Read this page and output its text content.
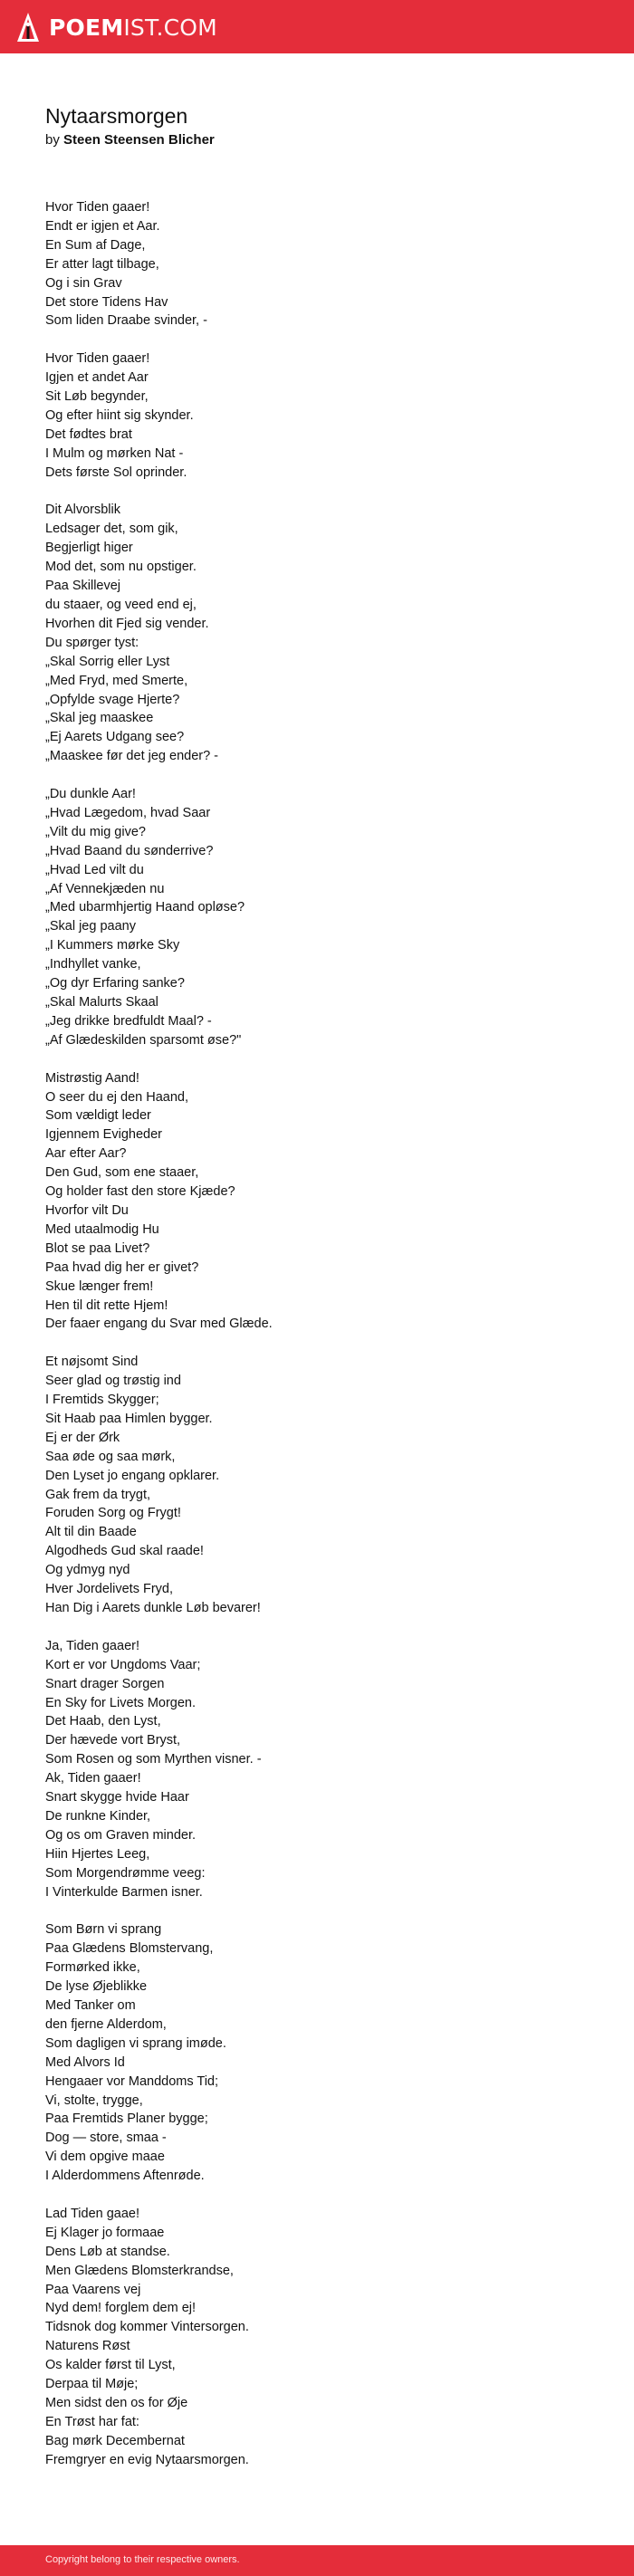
POEMIST.COM
Nytaarsmorgen
by Steen Steensen Blicher
Hvor Tiden gaaer!
Endt er igjen et Aar.
En Sum af Dage,
Er atter lagt tilbage,
Og i sin Grav
Det store Tidens Hav
Som liden Draabe svinder, -
Hvor Tiden gaaer!
Igjen et andet Aar
Sit Løb begynder,
Og efter hiint sig skynder.
Det fødtes brat
I Mulm og mørken Nat -
Dets første Sol oprinder.
Dit Alvorsblik
Ledsager det, som gik,
Begjerligt higer
Mod det, som nu opstiger.
Paa Skillevej
du staaer, og veed end ej,
Hvorhen dit Fjed sig vender.
Du spørger tyst:
„Skal Sorrig eller Lyst
„Med Fryd, med Smerte,
„Opfylde svage Hjerte?
„Skal jeg maaskee
„Ej Aarets Udgang see?
„Maaskee før det jeg ender? -
„Du dunkle Aar!
„Hvad Lægedom, hvad Saar
„Vilt du mig give?
„Hvad Baand du sønderrive?
„Hvad Led vilt du
„Af Vennekjæden nu
„Med ubarmhjertig Haand opløse?
„Skal jeg paany
„I Kummers mørke Sky
„Indhyllet vanke,
„Og dyr Erfaring sanke?
„Skal Malurts Skaal
„Jeg drikke bredfuldt Maal? -
„Af Glædeskilden sparsomt øse?"
Mistrøstig Aand!
O seer du ej den Haand,
Som vældigt leder
Igjennem Evigheder
Aar efter Aar?
Den Gud, som ene staaer,
Og holder fast den store Kjæde?
Hvorfor vilt Du
Med utaalmodig Hu
Blot se paa Livet?
Paa hvad dig her er givet?
Skue længer frem!
Hen til dit rette Hjem!
Der faaer engang du Svar med Glæde.
Et nøjsomt Sind
Seer glad og trøstig ind
I Fremtids Skygger;
Sit Haab paa Himlen bygger.
Ej er der Ørk
Saa øde og saa mørk,
Den Lyset jo engang opklarer.
Gak frem da trygt,
Foruden Sorg og Frygt!
Alt til din Baade
Algodheds Gud skal raade!
Og ydmyg nyd
Hver Jordelivets Fryd,
Han Dig i Aarets dunkle Løb bevarer!
Ja, Tiden gaaer!
Kort er vor Ungdoms Vaar;
Snart drager Sorgen
En Sky for Livets Morgen.
Det Haab, den Lyst,
Der hævede vort Bryst,
Som Rosen og som Myrthen visner. -
Ak, Tiden gaaer!
Snart skygge hvide Haar
De runkne Kinder,
Og os om Graven minder.
Hiin Hjertes Leeg,
Som Morgendrømme veeg:
I Vinterkulde Barmen isner.
Som Børn vi sprang
Paa Glædens Blomstervang,
Formørked ikke,
De lyse Øjeblikke
Med Tanker om
den fjerne Alderdom,
Som dagligen vi sprang imøde.
Med Alvors Id
Hengaaer vor Manddoms Tid;
Vi, stolte, trygge,
Paa Fremtids Planer bygge;
Dog — store, smaa -
Vi dem opgive maae
I Alderdommens Aftenrøde.
Lad Tiden gaae!
Ej Klager jo formaae
Dens Løb at standse.
Men Glædens Blomsterkrandse,
Paa Vaarens vej
Nyd dem! forglem dem ej!
Tidsnok dog kommer Vintersorgen.
Naturens Røst
Os kalder først til Lyst,
Derpaa til Møje;
Men sidst den os for Øje
En Trøst har fat:
Bag mørk Decembernat
Fremgryer en evig Nytaarsmorgen.
Copyright belong to their respective owners.
